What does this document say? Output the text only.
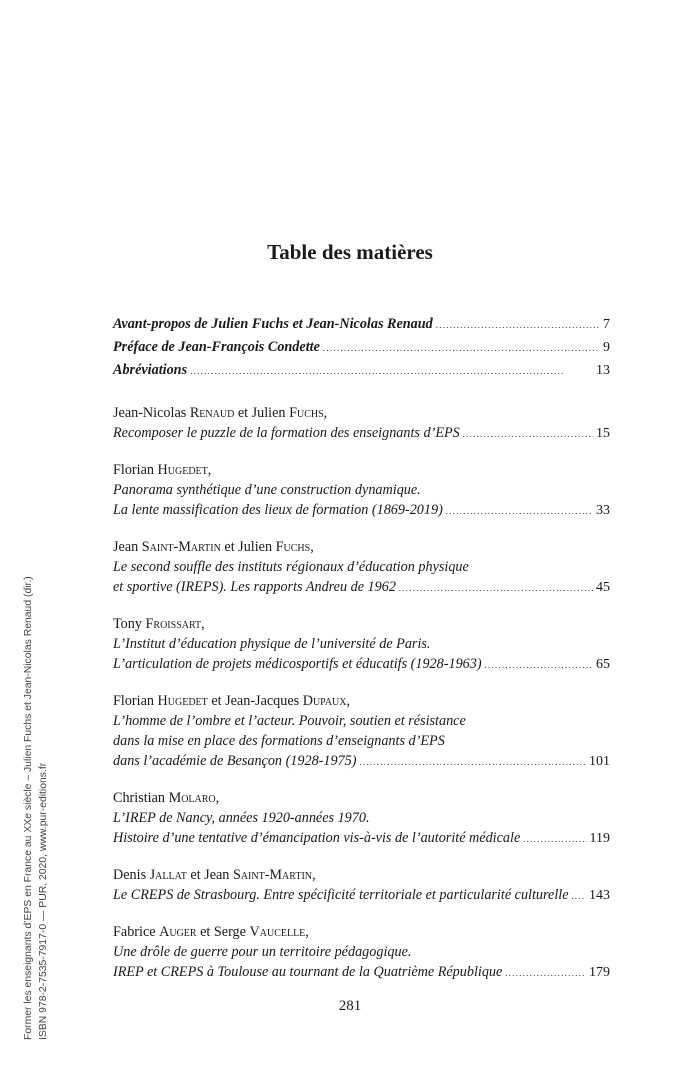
Table des matières
Avant-propos de Julien Fuchs et Jean-Nicolas Renaud . . .	7
Préface de Jean-François Condette . . .	9
Abréviations . . .	13
Jean-Nicolas Renaud et Julien Fuchs,
Recomposer le puzzle de la formation des enseignants d’EPS . . .	15
Florian Hugedet,
Panorama synthétique d’une construction dynamique.
La lente massification des lieux de formation (1869-2019) . . .	33
Jean Saint-Martin et Julien Fuchs,
Le second souffle des instituts régionaux d’éducation physique
et sportive (IREPS). Les rapports Andreu de 1962 . . .	45
Tony Froissart,
L’Institut d’éducation physique de l’université de Paris.
L’articulation de projets médicosportifs et éducatifs (1928-1963) . . .	65
Florian Hugedet et Jean-Jacques Dupaux,
L’homme de l’ombre et l’acteur. Pouvoir, soutien et résistance
dans la mise en place des formations d’enseignants d’EPS
dans l’académie de Besançon (1928-1975) . . .	101
Christian Molaro,
L’IREP de Nancy, années 1920-années 1970.
Histoire d’une tentative d’émancipation vis-à-vis de l’autorité médicale . . .	119
Denis Jallat et Jean Saint-Martin,
Le CREPS de Strasbourg. Entre spécificité territoriale et particularité culturelle . . . 143
Fabrice Auger et Serge Vaucelle,
Une drôle de guerre pour un territoire pédagogique.
IREP et CREPS à Toulouse au tournant de la Quatrième République . . .	179
281
Former les enseignants d’EPS en France au XXe siècle – Julien Fuchs et Jean-Nicolas Renaud (dir.) ISBN 978-2-7535-7917-0 — PUR, 2020, www.pur-editions.fr
